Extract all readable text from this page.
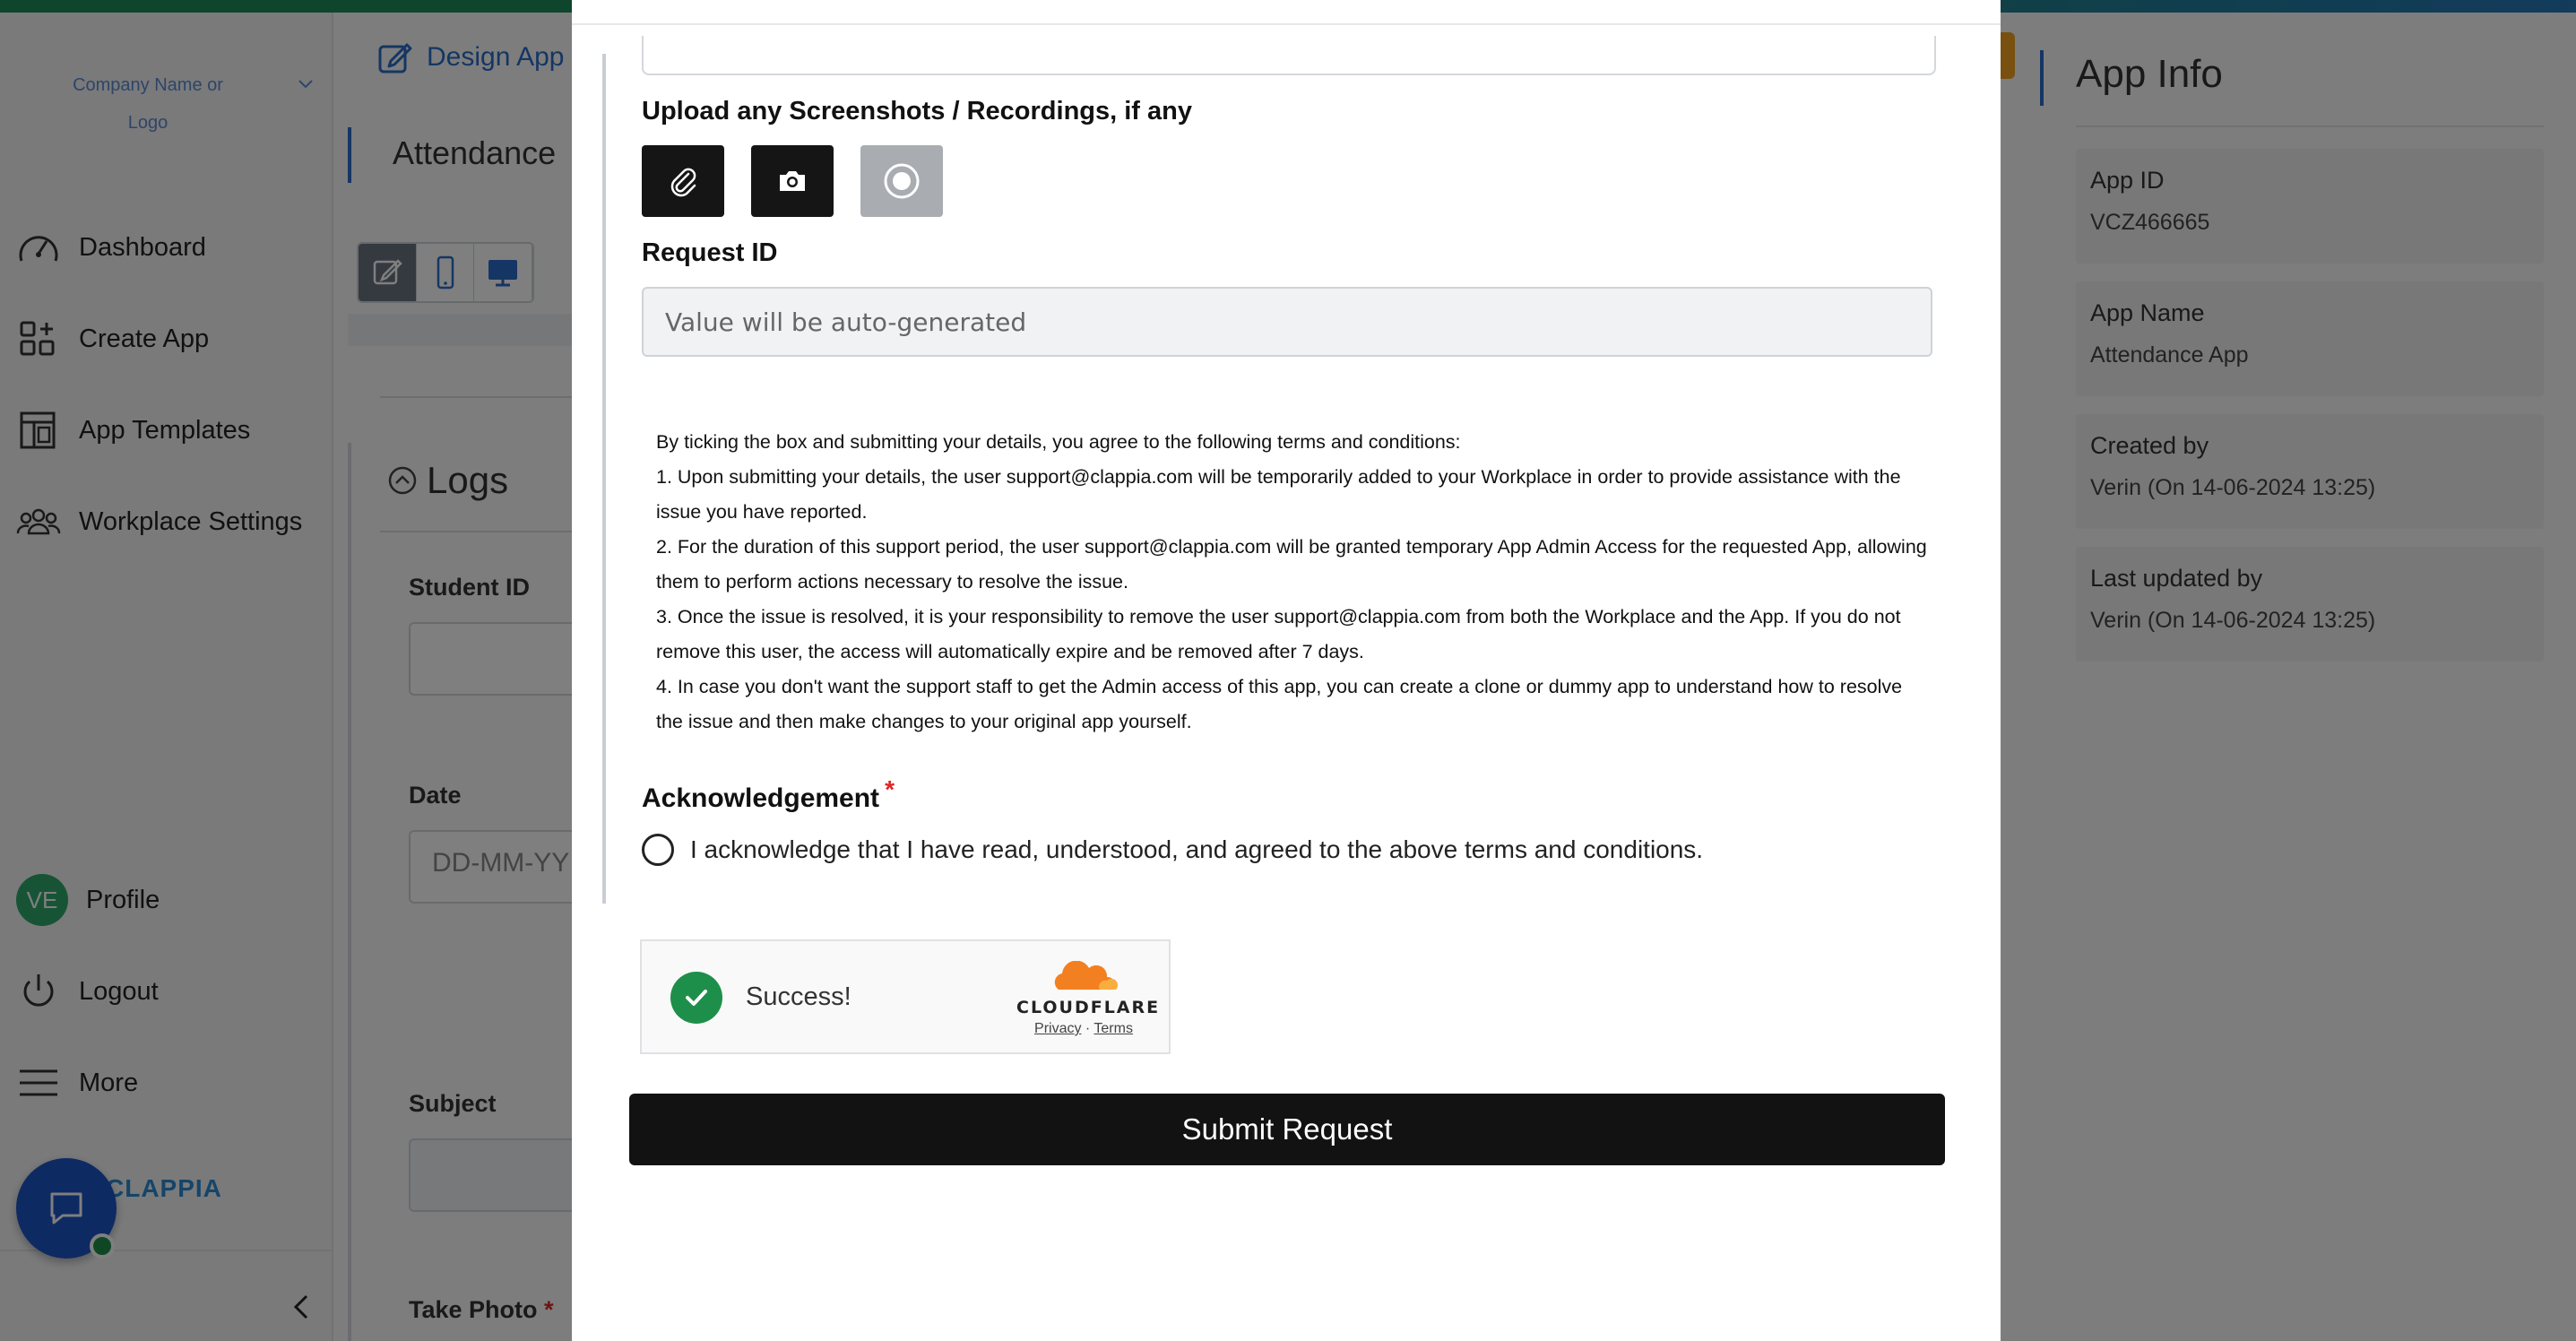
Upload any Screenshots / Recordings, if any
Request ID
Value will be auto-generated

By ticking the box and submitting your details, you agree to the following terms and conditions:

1. Upon submitting your details, the user support@clappia.com will be temporarily added to your Workplace in order to provide assistance with the issue you have reported.

2. For the duration of this support period, the user support@clappia.com will be granted temporary App Admin Access for the requested App, allowing them to perform actions necessary to resolve the issue.

3. Once the issue is resolved, it is your responsibility to remove the user support@clappia.com from both the Workplace and the App. If you do not remove this user, the access will automatically expire and be removed after 7 days.

4. In case you don't want the support staff to get the Admin access of this app, you can create a clone or dummy app to understand how to resolve the issue and then make changes to your original app yourself.

Acknowledgement *
I acknowledge that I have read, understood, and agreed to the above terms and conditions.
Success!	CLOUDFLARE
Privacy · Terms
Submit Request
